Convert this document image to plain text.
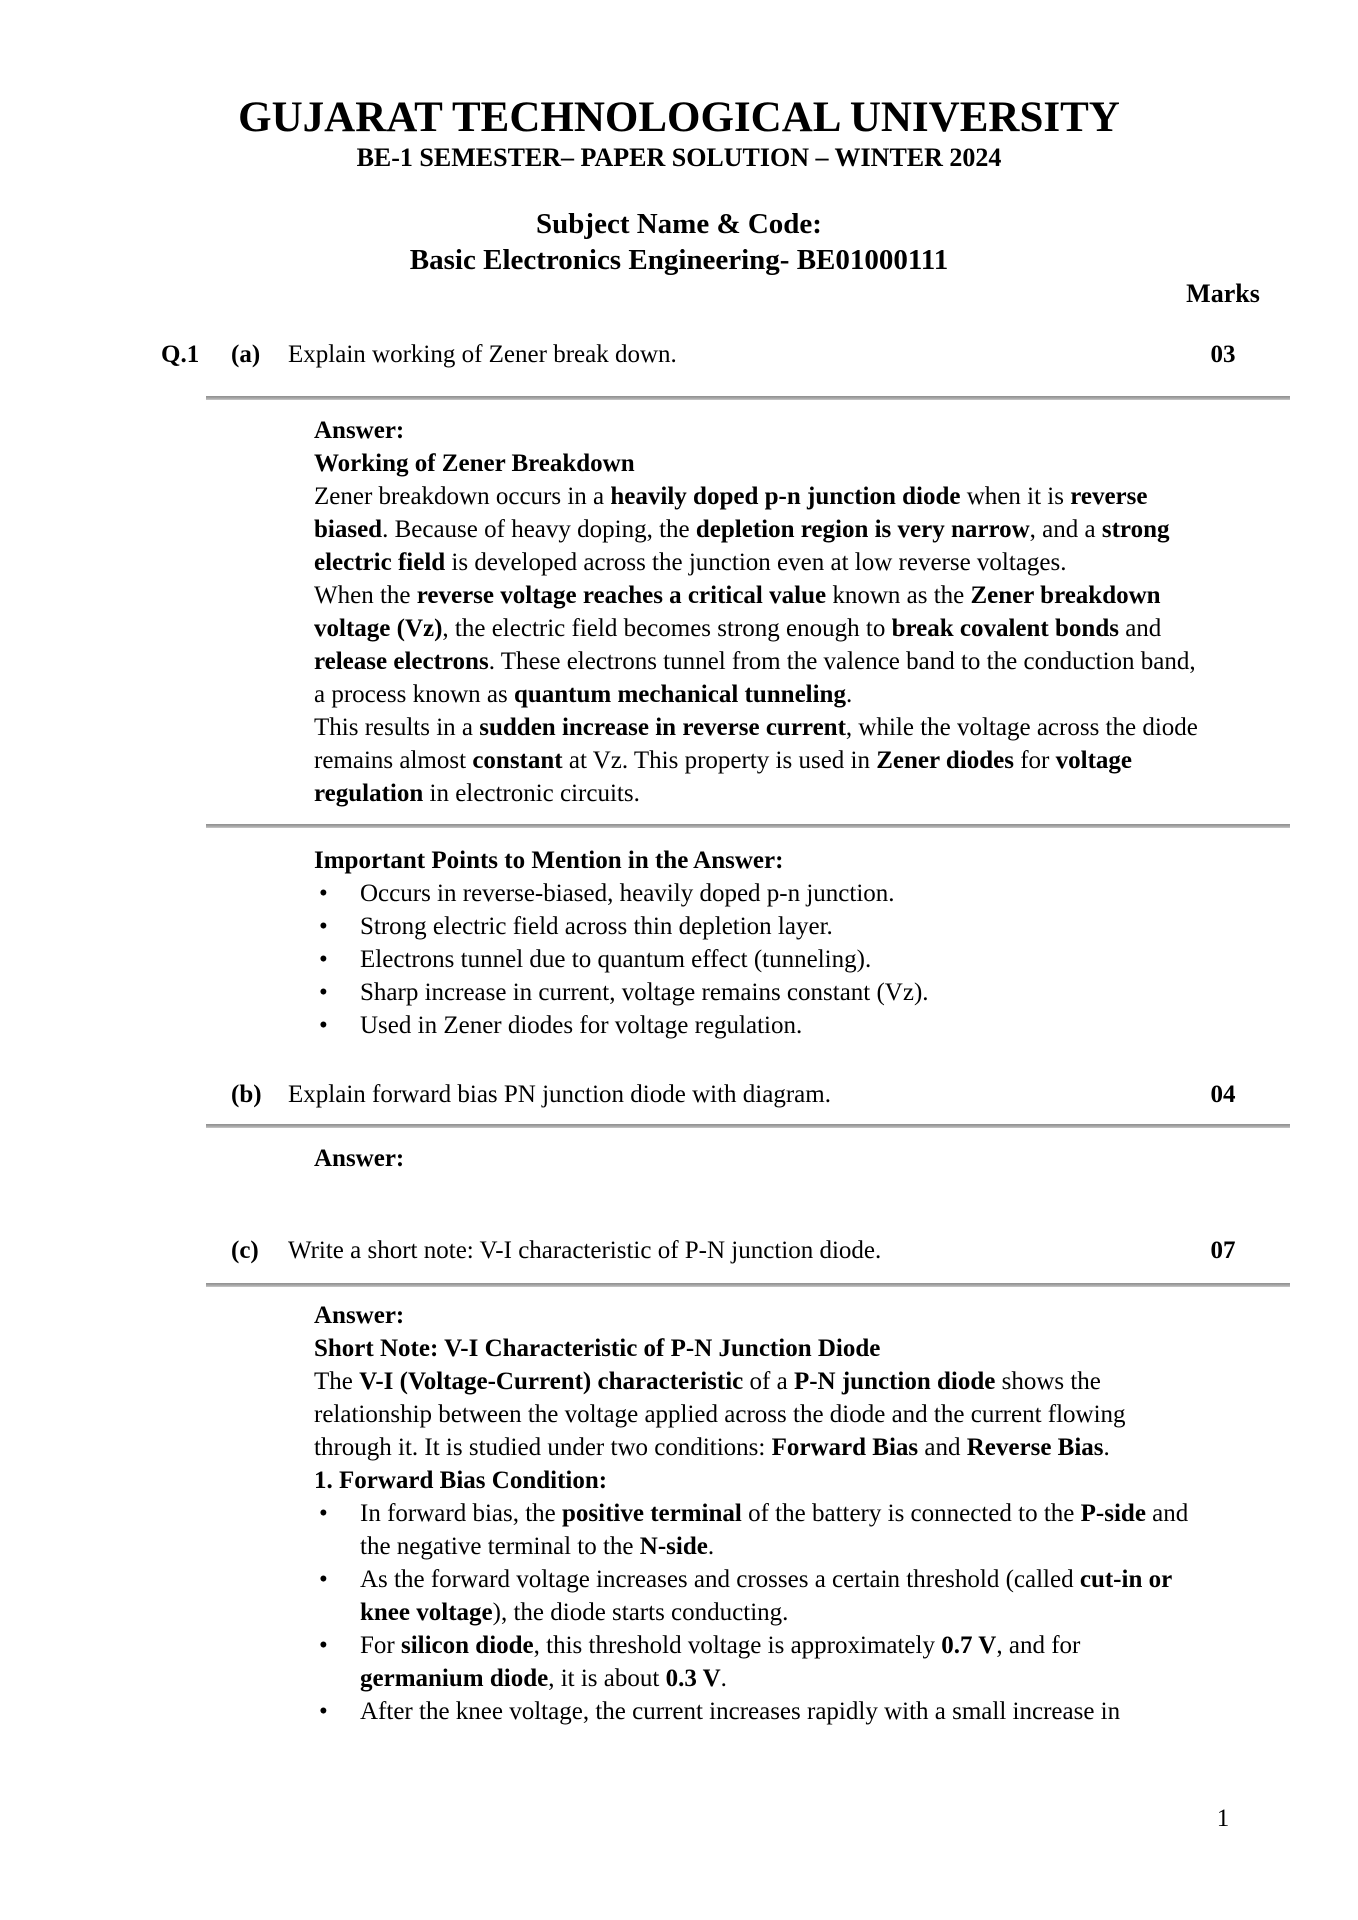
GUJARAT TECHNOLOGICAL UNIVERSITY
BE-1 SEMESTER– PAPER SOLUTION – WINTER 2024
Subject Name & Code:
Basic Electronics Engineering- BE01000111
Marks
Q.1	(a)	Explain working of Zener break down.	03

Answer:

Working of Zener Breakdown

Zener breakdown occurs in a heavily doped p-n junction diode when it is reverse biased. Because of heavy doping, the depletion region is very narrow, and a strong electric field is developed across the junction even at low reverse voltages.

When the reverse voltage reaches a critical value known as the Zener breakdown voltage (Vz), the electric field becomes strong enough to break covalent bonds and release electrons. These electrons tunnel from the valence band to the conduction band, a process known as quantum mechanical tunneling.

This results in a sudden increase in reverse current, while the voltage across the diode remains almost constant at Vz. This property is used in Zener diodes for voltage regulation in electronic circuits.

Important Points to Mention in the Answer:

• Occurs in reverse-biased, heavily doped p-n junction.
• Strong electric field across thin depletion layer.
• Electrons tunnel due to quantum effect (tunneling).
• Sharp increase in current, voltage remains constant (Vz).
• Used in Zener diodes for voltage regulation.
(b)	Explain forward bias PN junction diode with diagram.	04

Answer:

(c)	Write a short note: V-I characteristic of P-N junction diode.	07

Answer:

Short Note: V-I Characteristic of P-N Junction Diode

The V-I (Voltage-Current) characteristic of a P-N junction diode shows the relationship between the voltage applied across the diode and the current flowing through it. It is studied under two conditions: Forward Bias and Reverse Bias.

1. Forward Bias Condition:

• In forward bias, the positive terminal of the battery is connected to the P-side and the negative terminal to the N-side.
• As the forward voltage increases and crosses a certain threshold (called cut-in or knee voltage), the diode starts conducting.
• For silicon diode, this threshold voltage is approximately 0.7 V, and for germanium diode, it is about 0.3 V.
• After the knee voltage, the current increases rapidly with a small increase in
1
